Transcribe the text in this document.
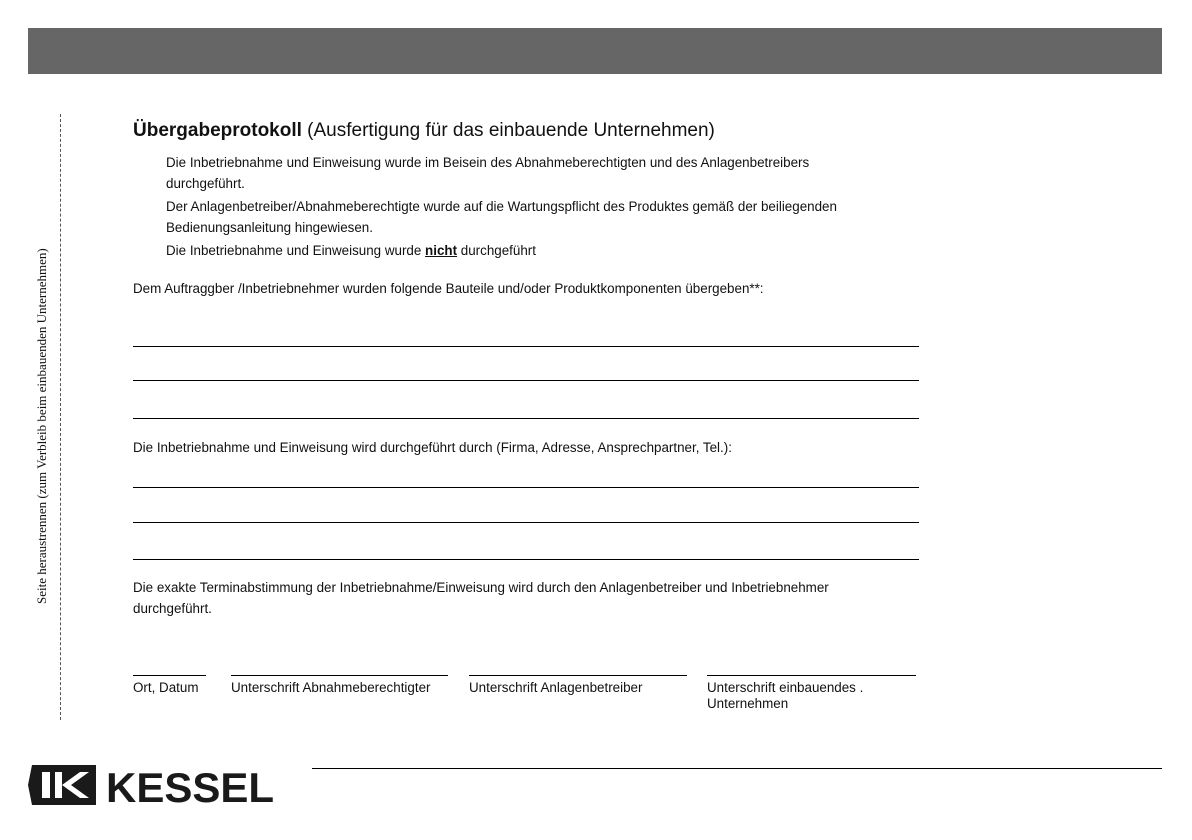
Seite heraustrennen (zum Verbleib beim einbauenden Unternehmen)
Übergabeprotokoll (Ausfertigung für das einbauende Unternehmen)
Die Inbetriebnahme und Einweisung wurde im Beisein des Abnahmeberechtigten und des Anlagenbetreibers
durchgeführt.
Der Anlagenbetreiber/Abnahmeberechtigte wurde auf die Wartungspflicht des Produktes gemäß der beiliegenden
Bedienungsanleitung hingewiesen.
Die Inbetriebnahme und Einweisung wurde nicht durchgeführt
Dem Auftraggber /Inbetriebnehmer wurden folgende Bauteile und/oder Produktkomponenten übergeben**:
Die Inbetriebnahme und Einweisung wird durchgeführt durch (Firma, Adresse, Ansprechpartner, Tel.):
Die exakte Terminabstimmung der Inbetriebnahme/Einweisung wird durch den Anlagenbetreiber und Inbetriebnehmer
durchgeführt.
Ort, Datum Unterschrift Abnahmeberechtigter	Unterschrift Anlagenbetreiber	Unterschrift einbauendes .
Unternehmen
KESSEL
